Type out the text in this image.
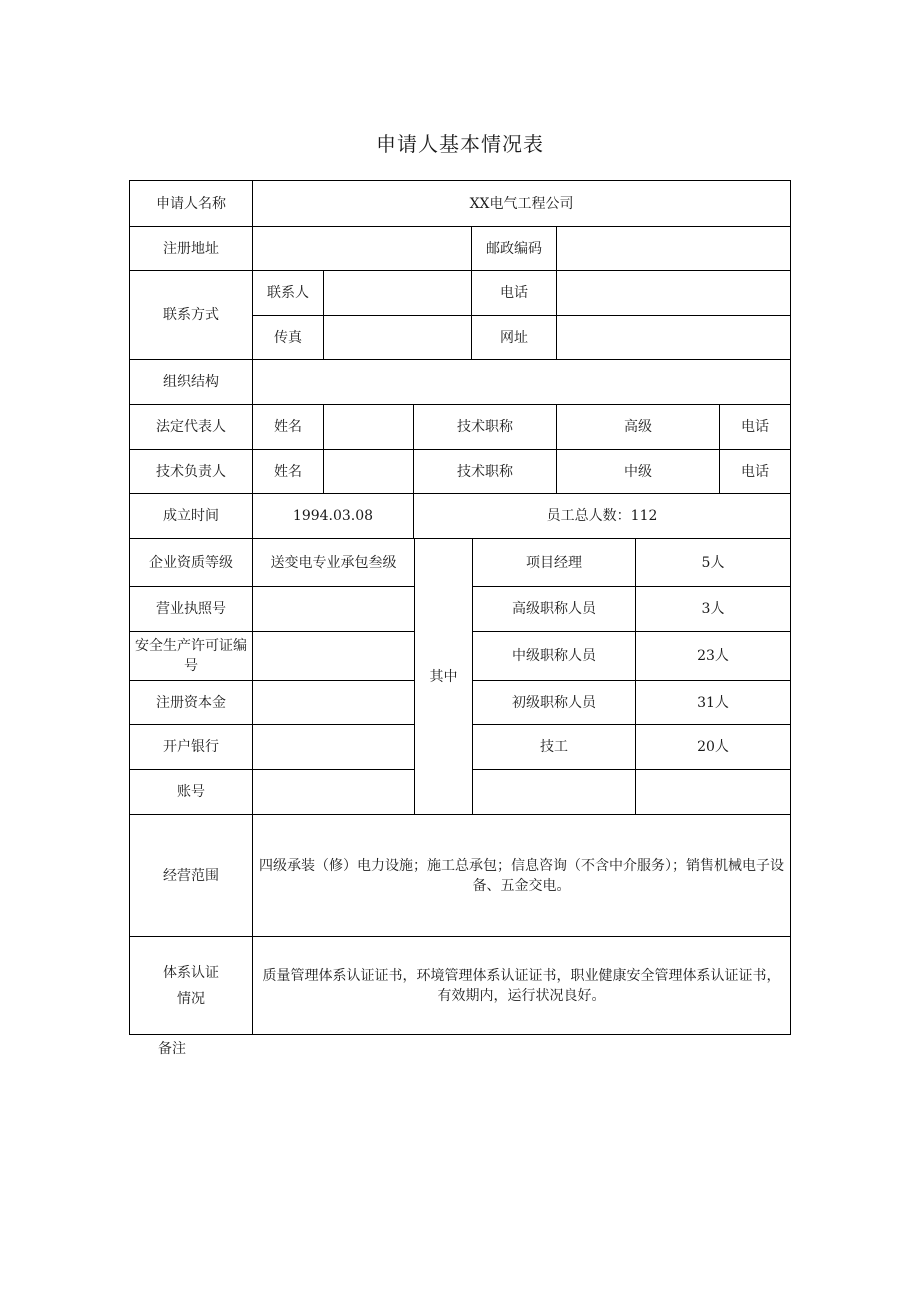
申请人基本情况表
申请人名称	XX电气工程公司						
注册地址				邮政编码			
联系方式	联系人			电话			
	传真			网址			
组织结构							
法定代表人	姓名		技术职称		高级	电话	
技术负责人	姓名		技术职称		中级	电话	
成立时间	1994.03.08		员工总人数：112				
企业资质等级	送变电专业承包叁级	其中	项目经理	5人
营业执照号			高级职称人员	3人
安全生产许可证编号			中级职称人员	23人
注册资本金			初级职称人员	31人
开户银行			技工	20人
账号				
经营范围	四级承装（修）电力设施；施工总承包；信息咨询（不含中介服务）；销售机械电子设备、五金交电。			
体系认证情况	质量管理体系认证证书，环境管理体系认证证书，职业健康安全管理体系认证证书，有效期内，运行状况良好。			
备注
